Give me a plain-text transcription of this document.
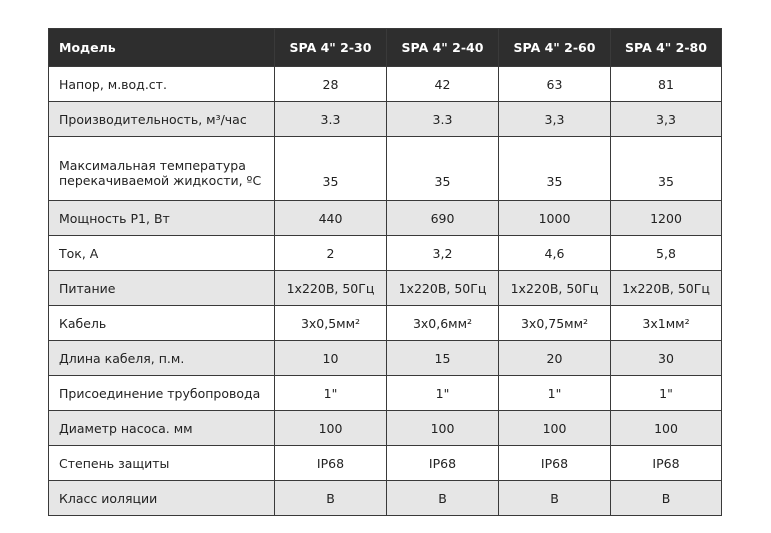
Модель	SPA 4" 2-30	SPA 4" 2-40	SPA 4" 2-60	SPA 4" 2-80
Напор, м.вод.ст.	28	42	63	81
Производительность, м³/час	3.3	3.3	3,3	3,3
Максимальная температура перекачиваемой жидкости, ºС	35	35	35	35
Мощность Р1, Вт	440	690	1000	1200
Ток, А	2	3,2	4,6	5,8
Питание	1х220В, 50Гц	1х220В, 50Гц	1х220В, 50Гц	1х220В, 50Гц
Кабель	3х0,5мм²	3х0,6мм²	3х0,75мм²	3х1мм²
Длина кабеля, п.м.	10	15	20	30
Присоединение трубопровода	1"	1"	1"	1"
Диаметр насоса. мм	100	100	100	100
Степень защиты	IP68	IP68	IP68	IP68
Класс иоляции	B	B	B	B
